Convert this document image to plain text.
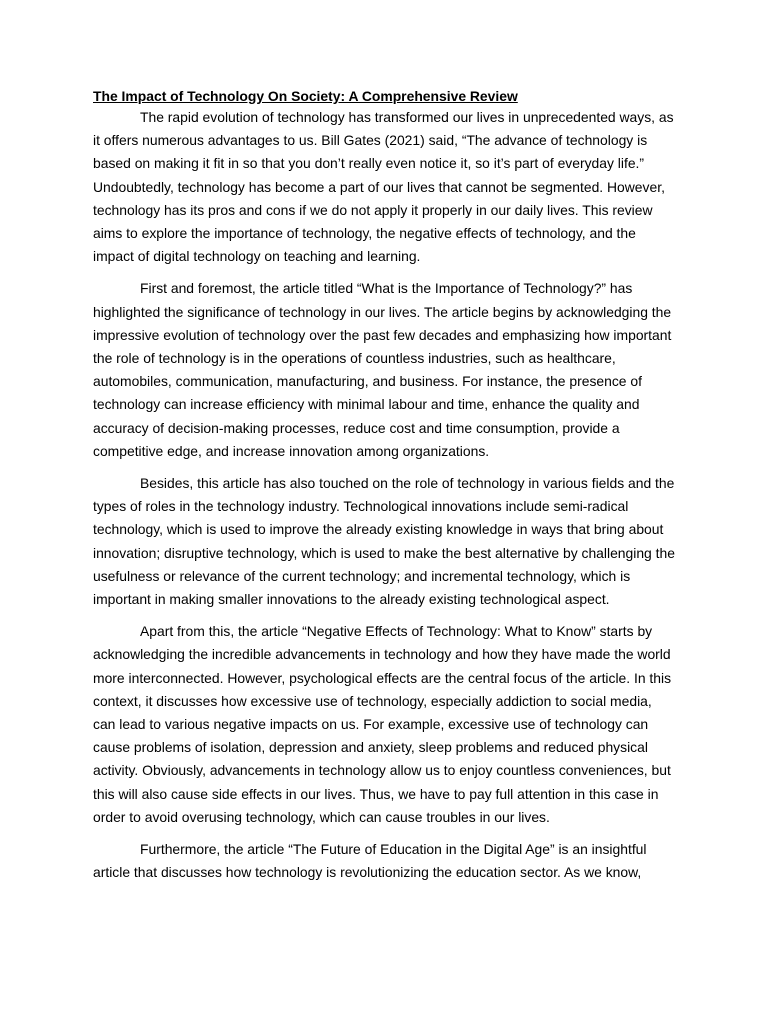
The Impact of Technology On Society: A Comprehensive Review

The rapid evolution of technology has transformed our lives in unprecedented ways, as it offers numerous advantages to us. Bill Gates (2021) said, “The advance of technology is based on making it fit in so that you don’t really even notice it, so it’s part of everyday life.” Undoubtedly, technology has become a part of our lives that cannot be segmented. However, technology has its pros and cons if we do not apply it properly in our daily lives. This review aims to explore the importance of technology, the negative effects of technology, and the impact of digital technology on teaching and learning.

First and foremost, the article titled “What is the Importance of Technology?” has highlighted the significance of technology in our lives. The article begins by acknowledging the impressive evolution of technology over the past few decades and emphasizing how important the role of technology is in the operations of countless industries, such as healthcare, automobiles, communication, manufacturing, and business. For instance, the presence of technology can increase efficiency with minimal labour and time, enhance the quality and accuracy of decision-making processes, reduce cost and time consumption, provide a competitive edge, and increase innovation among organizations.

Besides, this article has also touched on the role of technology in various fields and the types of roles in the technology industry. Technological innovations include semi-radical technology, which is used to improve the already existing knowledge in ways that bring about innovation; disruptive technology, which is used to make the best alternative by challenging the usefulness or relevance of the current technology; and incremental technology, which is important in making smaller innovations to the already existing technological aspect.

Apart from this, the article “Negative Effects of Technology: What to Know” starts by acknowledging the incredible advancements in technology and how they have made the world more interconnected. However, psychological effects are the central focus of the article. In this context, it discusses how excessive use of technology, especially addiction to social media, can lead to various negative impacts on us. For example, excessive use of technology can cause problems of isolation, depression and anxiety, sleep problems and reduced physical activity. Obviously, advancements in technology allow us to enjoy countless conveniences, but this will also cause side effects in our lives. Thus, we have to pay full attention in this case in order to avoid overusing technology, which can cause troubles in our lives.

Furthermore, the article “The Future of Education in the Digital Age” is an insightful article that discusses how technology is revolutionizing the education sector. As we know,
